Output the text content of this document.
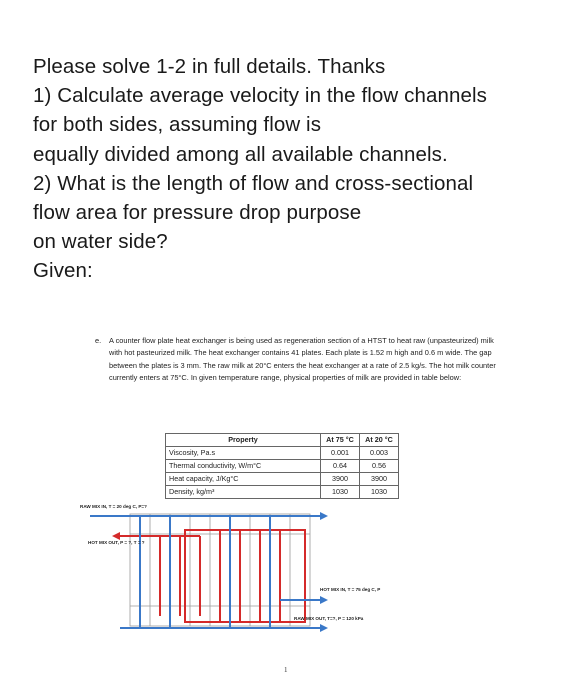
Please solve 1-2 in full details. Thanks
1) Calculate average velocity in the flow channels
for both sides, assuming flow is
equally divided among all available channels.
2) What is the length of flow and cross-sectional
flow area for pressure drop purpose
on water side?
Given:
e. A counter flow plate heat exchanger is being used as regeneration section of a HTST to heat raw (unpasteurized) milk with hot pasteurized milk. The heat exchanger contains 41 plates. Each plate is 1.52 m high and 0.6 m wide. The gap between the plates is 3 mm. The raw milk at 20°C enters the heat exchanger at a rate of 2.5 kg/s. The hot milk counter currently enters at 75°C. In given temperature range, physical properties of milk are provided in table below:
Property	At 75 °C	At 20 °C
Viscosity, Pa.s	0.001	0.003
Thermal conductivity, W/m°C	0.64	0.56
Heat capacity, J/Kg°C	3900	3900
Density, kg/m³	1030	1030
RAW MIX IN, T = 20 deg C, P=?
HOT MIX OUT, P = ?, T = ?
HOT MIX IN, T = 75 deg C, P
RAW MIX OUT, T=?, P = 120 kPa
1
